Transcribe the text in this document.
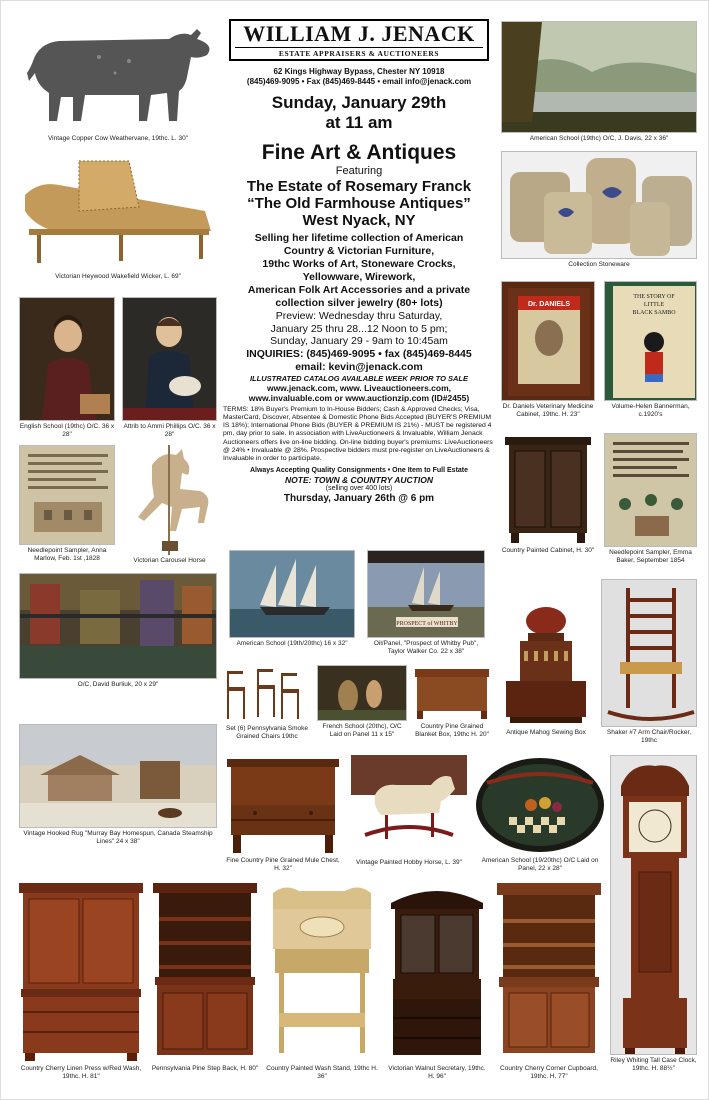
Vintage Copper Cow Weathervane, 19thc. L. 30"
Victorian Heywood Wakefield Wicker, L. 69"
English School (19thc) O/C. 36 x 28"
Attrib to Ammi Phillips O/C. 36 x 28"
Needlepoint Sampler, Anna Marlow, Feb. 1st ,1828	Victorian Carousel Horse
O/C, David Burliuk, 20 x 29"
Vintage Hooked Rug "Murray Bay Homespun, Canada Steamship Lines" 24 x 38"
WILLIAM J. JENACK
ESTATE APPRAISERS & AUCTIONEERS
62 Kings Highway Bypass, Chester NY 10918
(845)469-9095 • Fax (845)469-8445 • email info@jenack.com
Sunday, January 29th
at 11 am
Fine Art & Antiques
Featuring
The Estate of Rosemary Franck
“The Old Farmhouse Antiques”
West Nyack, NY
Selling her lifetime collection of American
Country & Victorian Furniture,
19thc Works of Art, Stoneware Crocks,
Yellowware, Wirework,
American Folk Art Accessories and a private
collection silver jewelry (80+ lots)
Preview: Wednesday thru Saturday,
January 25 thru 28...12 Noon to 5 pm;
Sunday, January 29 - 9am to 10:45am
INQUIRIES: (845)469-9095 • fax (845)469-8445
email: kevin@jenack.com
ILLUSTRATED CATALOG AVAILABLE WEEK PRIOR TO SALE
www.jenack.com, www. Liveauctioneers.com,
www.invaluable.com or www.auctionzip.com (ID#2455)
TERMS: 18% Buyer's Premium to In-House Bidders; Cash & Approved Checks; Visa, MasterCard, Discover, Absentee & Domestic Phone Bids Accepted (BUYER'S PREMIUM IS 18%); International Phone Bids (BUYER & PREMIUM IS 21%) - MUST be registered 4 pm, day prior to sale. In association with LiveAuctioneers & Invaluable, William Jenack Auctioneers offers live on-line bidding. On-line bidding buyer's premiums: LiveAuctioneers @ 24% • Invaluable @ 28%. Prospective bidders must pre-register on LiveAuctioneers & Invaluable in order to participate.
Always Accepting Quality Consignments • One Item to Full Estate
NOTE: TOWN & COUNTRY AUCTION
(selling over 400 lots)
Thursday, January 26th @ 6 pm
American School (19th/20thc) 16 x 32"
PROSPECT of WHITBY
Oil/Panel, "Prospect of Whitby Pub", Taylor Walker Co. 22 x 38"
Set (6) Pennsylvania Smoke Grained Chairs 19thc
French School (20thc), O/C Laid on Panel 11 x 15"
Country Pine Grained Blanket Box, 19thc H. 20"
Fine Country Pine Grained Mule Chest, H. 32"
Vintage Painted Hobby Horse, L. 39"
American School (19thc) O/C, J. Davis, 22 x 36"
Collection Stoneware
Dr. DANIELS
Dr. Daniels Veterinary Medicine Cabinet, 19thc. H. 23"
THE STORY OF
LITTLE
BLACK SAMBO
Volume-Helen Bannerman, c.1920's
Country Painted Cabinet, H. 30"	Needlepoint Sampler, Emma Baker, September 1854
Antique Mahog Sewing Box	Shaker #7 Arm Chair/Rocker, 19thc
American School (19/20thc) O/C Laid on Panel, 22 x 28"
Riley Whiting Tall Case Clock, 19thc. H. 88½"
Country Cherry Linen Press w/Red Wash, 19thc. H. 81"
Pennsylvania Pine Step Back, H. 80" Country Painted Wash Stand, 19thc H. 36"
Victorian Walnut Secretary, 19thc. H. 96"
Country Cherry Corner Cupboard, 19thc. H. 77"
